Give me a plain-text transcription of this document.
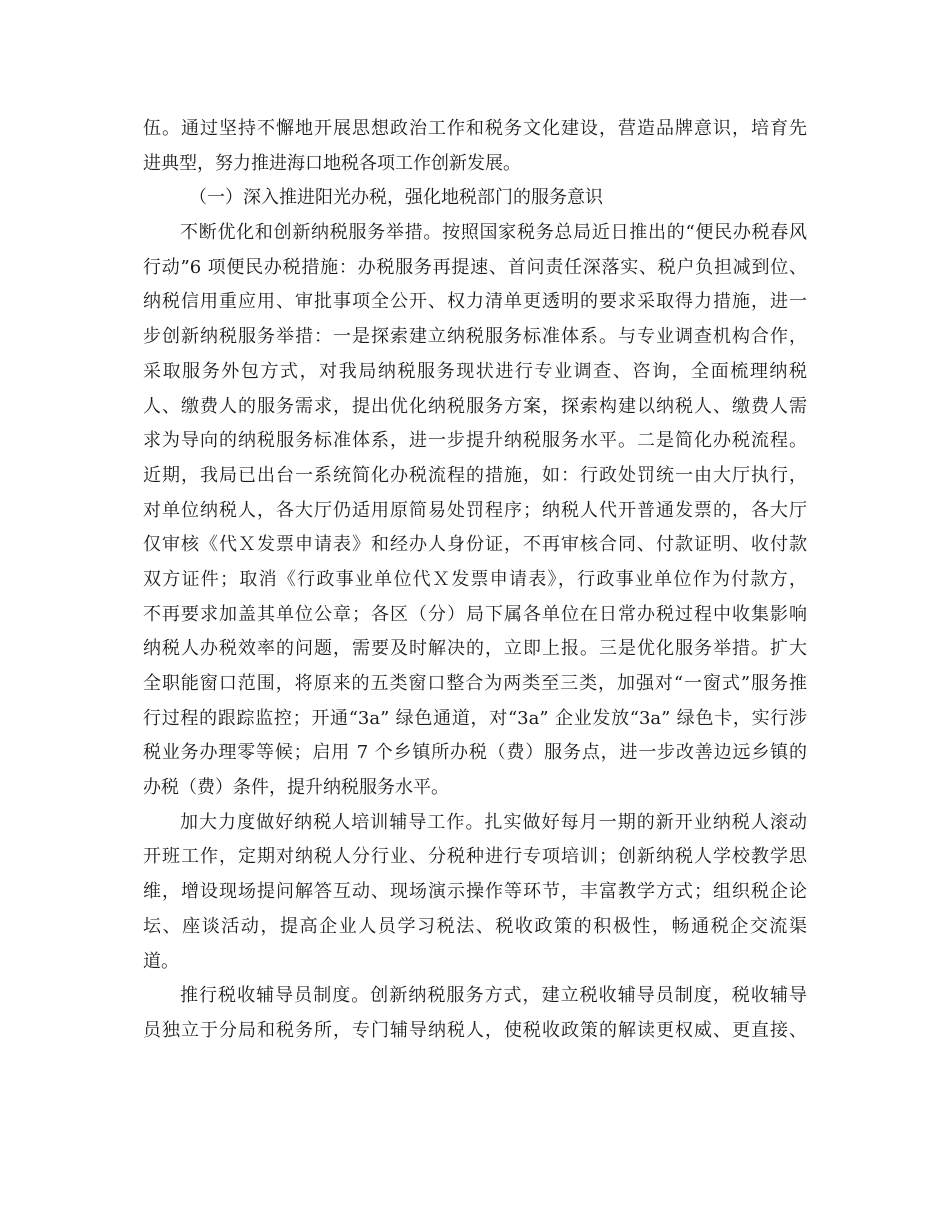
伍。通过坚持不懈地开展思想政治工作和税务文化建设，营造品牌意识，培育先
进典型，努力推进海口地税各项工作创新发展。
（一）深入推进阳光办税，强化地税部门的服务意识
不断优化和创新纳税服务举措。按照国家税务总局近日推出的“便民办税春风
行动”6 项便民办税措施：办税服务再提速、首问责任深落实、税户负担减到位、
纳税信用重应用、审批事项全公开、权力清单更透明的要求采取得力措施，进一
步创新纳税服务举措：一是探索建立纳税服务标准体系。与专业调查机构合作，
采取服务外包方式，对我局纳税服务现状进行专业调查、咨询，全面梳理纳税
人、缴费人的服务需求，提出优化纳税服务方案，探索构建以纳税人、缴费人需
求为导向的纳税服务标准体系，进一步提升纳税服务水平。二是简化办税流程。
近期，我局已出台一系统简化办税流程的措施，如：行政处罚统一由大厅执行，
对单位纳税人，各大厅仍适用原简易处罚程序；纳税人代开普通发票的，各大厅
仅审核《代Ｘ发票申请表》和经办人身份证，不再审核合同、付款证明、收付款
双方证件；取消《行政事业单位代Ｘ发票申请表》，行政事业单位作为付款方，
不再要求加盖其单位公章；各区（分）局下属各单位在日常办税过程中收集影响
纳税人办税效率的问题，需要及时解决的，立即上报。三是优化服务举措。扩大
全职能窗口范围，将原来的五类窗口整合为两类至三类，加强对“一窗式”服务推
行过程的跟踪监控；开通“3a” 绿色通道，对“3a” 企业发放“3a” 绿色卡，实行涉
税业务办理零等候；启用 7 个乡镇所办税（费）服务点，进一步改善边远乡镇的
办税（费）条件，提升纳税服务水平。
加大力度做好纳税人培训辅导工作。扎实做好每月一期的新开业纳税人滚动
开班工作，定期对纳税人分行业、分税种进行专项培训；创新纳税人学校教学思
维，增设现场提问解答互动、现场演示操作等环节，丰富教学方式；组织税企论
坛、座谈活动，提高企业人员学习税法、税收政策的积极性，畅通税企交流渠
道。
推行税收辅导员制度。创新纳税服务方式，建立税收辅导员制度，税收辅导
员独立于分局和税务所，专门辅导纳税人，使税收政策的解读更权威、更直接、
